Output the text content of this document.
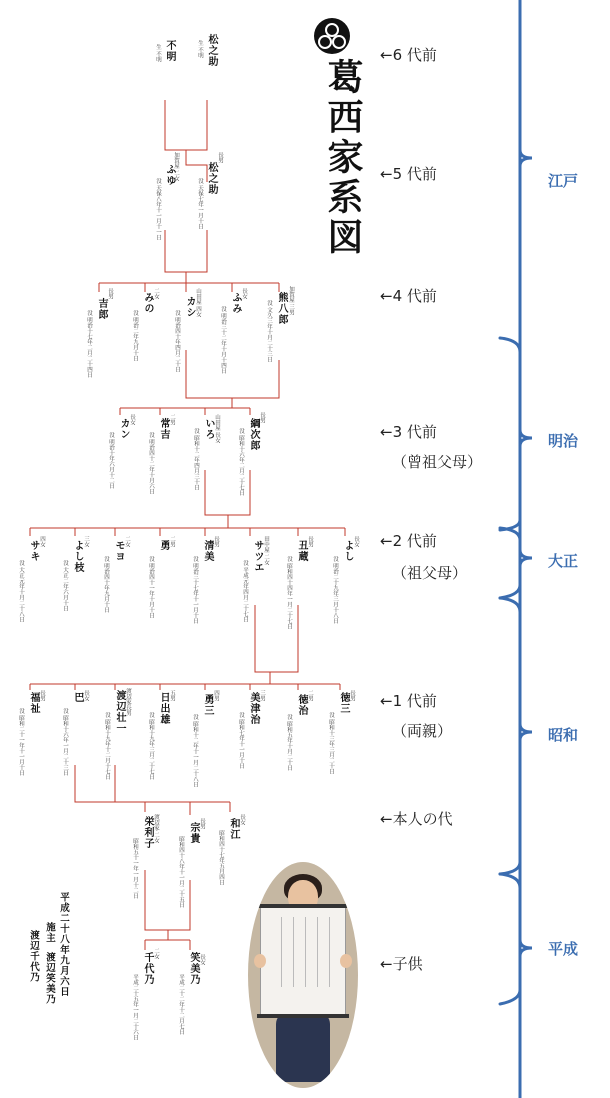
葛西家系図
松之助
生 不明
不明
生 不明
長男
松之助
没 天保七年一月十日
加賀屋 二女
ふゆ
没 天保八年十一月十一日
加賀屋 三男
熊八郎
没 文久三年十月二十三日
長女
ふみ
没 明治三十二年十月十四日
山田屋 四女
カシ
没 明治四十年四月二十日
二女
みの
没 明治二年九月十日
長男
吉郎
没 明治十七年二月二十四日
長男
綱次郎
没 昭和十六年二月二十七日
山田屋 長女
いろ
没 昭和十二年四月三十日
二男
常吉
没 明治四十二年十月六日
長女
カン
没 明治十年六月十二日
長女
よし
没 明治二十九年三月十八日
長男
丑蔵
没 昭和四十四年一月二十七日
田中屋 二女
サツエ
没 平成元年四月二十七日
長男
清美
没 明治三十七年十一月十日
二男
勇
没 明治四十一年十月十日
二女
モヨ
没 明治四十年九月十日
三女
よし枝
没 大正二年六月十日
四女
サキ
没 大正元年十月二十八日
長男
徳三
没 昭和十三年三月二十日
二男
徳治
没 昭和五年十月二十日
三男
美津治
没 昭和七年十一月十日
四男
勇三
没 昭和十二年十一月二十八日
五男
日出雄
没 昭和十九年三月二十七日
渡辺家長男
渡辺壮一
没 昭和十九年十二月十七日
長女
巴
没 昭和十六年一月二十三日
長男
福祉
没 昭和二十一年十一月十日
長女
和江
昭和四十七年五月四日
長男
宗貴
昭和四十八年十一月二十五日
渡辺家 二女
栄利子
昭和五十一年一月十二日
長女
笑美乃
平成二十二年十二月七日
二女
千代乃
平成二十五年一月二十六日
平成二十八年九月六日
施主
渡辺笑美乃
渡辺千代乃
←6 代前
←5 代前
←4 代前
←3 代前
（曾祖父母）
←2 代前
（祖父母）
←1 代前
（両親）
←本人の代
←子供
江戸
明治
大正
昭和
平成
